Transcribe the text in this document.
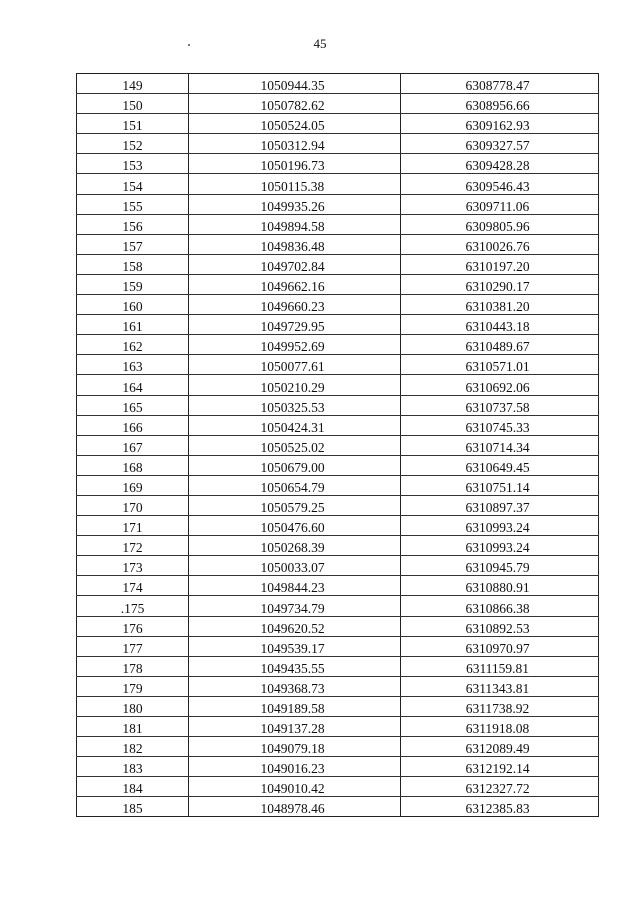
45
149	1050944.35	6308778.47
150	1050782.62	6308956.66
151	1050524.05	6309162.93
152	1050312.94	6309327.57
153	1050196.73	6309428.28
154	1050115.38	6309546.43
155	1049935.26	6309711.06
156	1049894.58	6309805.96
157	1049836.48	6310026.76
158	1049702.84	6310197.20
159	1049662.16	6310290.17
160	1049660.23	6310381.20
161	1049729.95	6310443.18
162	1049952.69	6310489.67
163	1050077.61	6310571.01
164	1050210.29	6310692.06
165	1050325.53	6310737.58
166	1050424.31	6310745.33
167	1050525.02	6310714.34
168	1050679.00	6310649.45
169	1050654.79	6310751.14
170	1050579.25	6310897.37
171	1050476.60	6310993.24
172	1050268.39	6310993.24
173	1050033.07	6310945.79
174	1049844.23	6310880.91
.175	1049734.79	6310866.38
176	1049620.52	6310892.53
177	1049539.17	6310970.97
178	1049435.55	6311159.81
179	1049368.73	6311343.81
180	1049189.58	6311738.92
181	1049137.28	6311918.08
182	1049079.18	6312089.49
183	1049016.23	6312192.14
184	1049010.42	6312327.72
185	1048978.46	6312385.83
